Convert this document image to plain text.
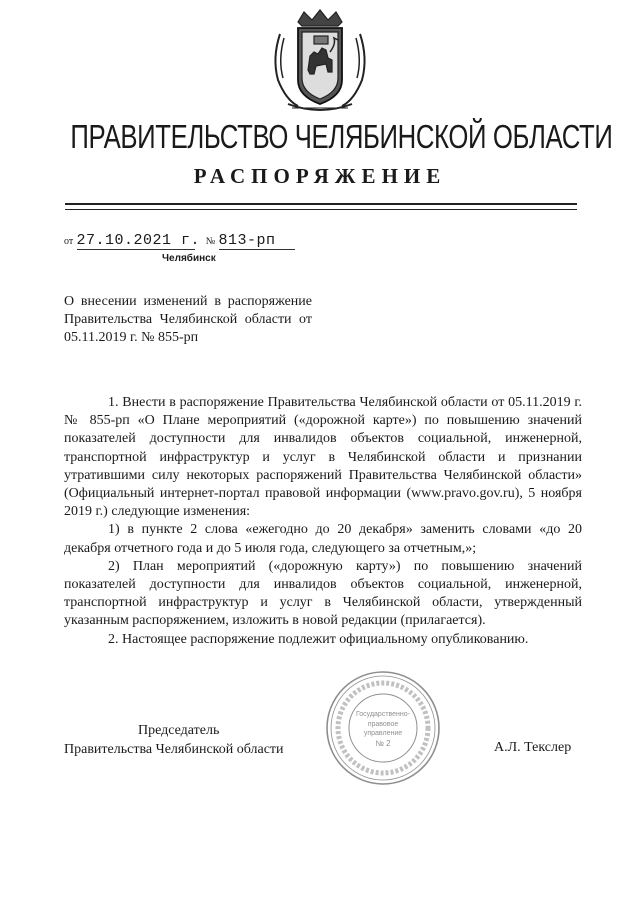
ПРАВИТЕЛЬСТВО ЧЕЛЯБИНСКОЙ ОБЛАСТИ
РАСПОРЯЖЕНИЕ
от 27.10.2021 г. № 813-рп
Челябинск
О внесении изменений в распоряжение Правительства Челябинской области от 05.11.2019 г. № 855-рп

1. Внести в распоряжение Правительства Челябинской области от 05.11.2019 г. № 855-рп «О Плане мероприятий («дорожной карте») по повышению значений показателей доступности для инвалидов объектов социальной, инженерной, транспортной инфраструктур и услуг в Челябинской области и признании утратившими силу некоторых распоряжений Правительства Челябинской области» (Официальный интернет-портал правовой информации (www.pravo.gov.ru), 5 ноября 2019 г.) следующие изменения:

1) в пункте 2 слова «ежегодно до 20 декабря» заменить словами «до 20 декабря отчетного года и до 5 июля года, следующего за отчетным,»;

2) План мероприятий («дорожную карту») по повышению значений показателей доступности для инвалидов объектов социальной, инженерной, транспортной инфраструктур и услуг в Челябинской области, утвержденный указанным распоряжением, изложить в новой редакции (прилагается).

2. Настоящее распоряжение подлежит официальному опубликованию.

Председатель
Правительства Челябинской области	А.Л. Текслер
Государственно-
правовое
управление
№ 2
